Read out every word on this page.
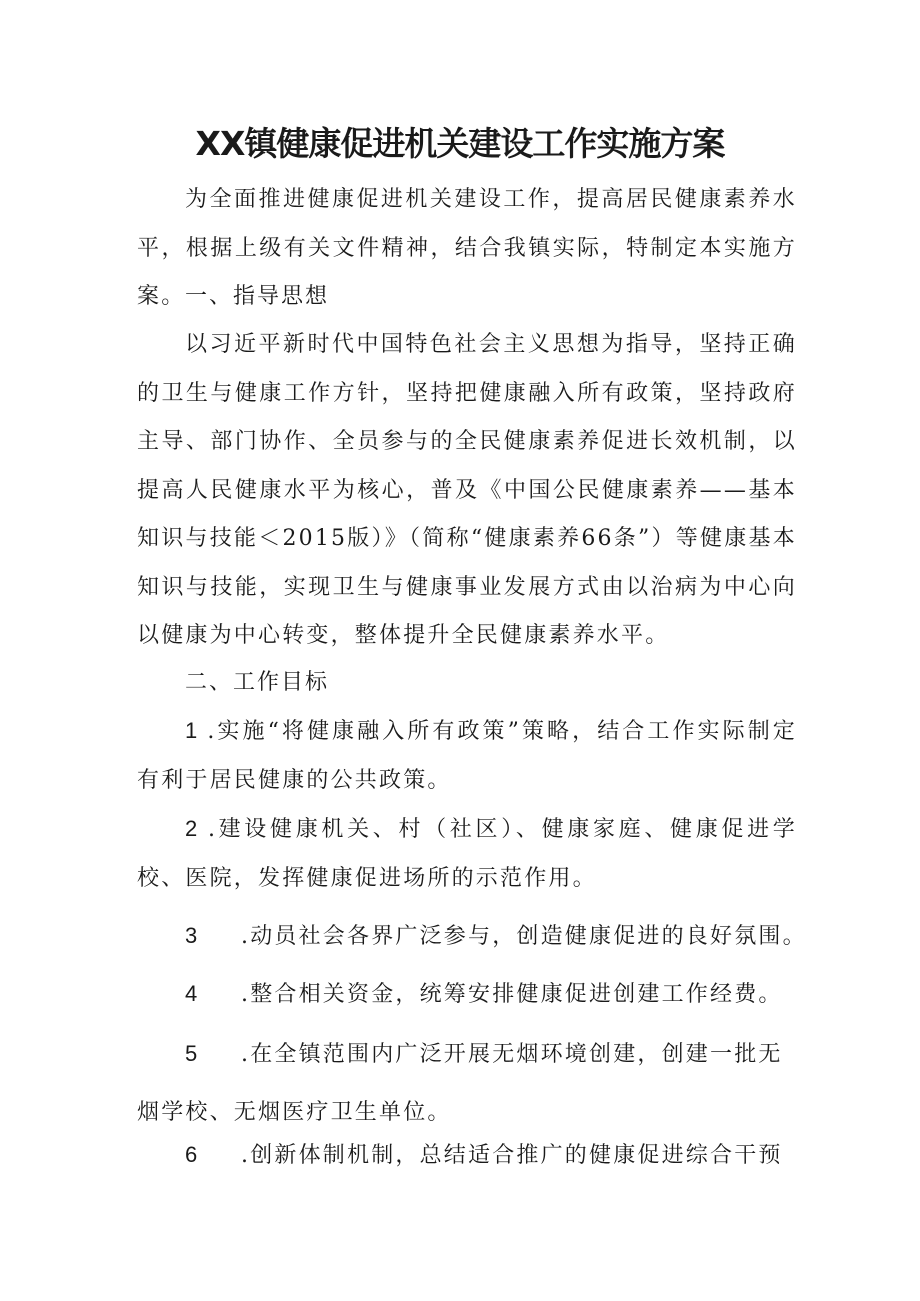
XX镇健康促进机关建设工作实施方案

为全面推进健康促进机关建设工作，提高居民健康素养水平，根据上级有关文件精神，结合我镇实际，特制定本实施方案。 一、指导思想

以习近平新时代中国特色社会主义思想为指导，坚持正确的卫生与健康工作方针，坚持把健康融入所有政策，坚持政府主导、部门协作、全员参与的全民健康素养促进长效机制，以提高人民健康水平为核心，普及《中国公民健康素养——基本知识与技能＜2015版）》（简称“健康素养66条”）等健康基本知识与技能，实现卫生与健康事业发展方式由以治病为中心向以健康为中心转变，整体提升全民健康素养水平。

二、工作目标

1 .实施“将健康融入所有政策”策略，结合工作实际制定有利于居民健康的公共政策。

2 .建设健康机关、村（社区）、健康家庭、健康促进学校、医院，发挥健康促进场所的示范作用。

3 .动员社会各界广泛参与，创造健康促进的良好氛围。

4 .整合相关资金，统筹安排健康促进创建工作经费。

5 .在全镇范围内广泛开展无烟环境创建，创建一批无

烟学校、无烟医疗卫生单位。

6 .创新体制机制，总结适合推广的健康促进综合干预
